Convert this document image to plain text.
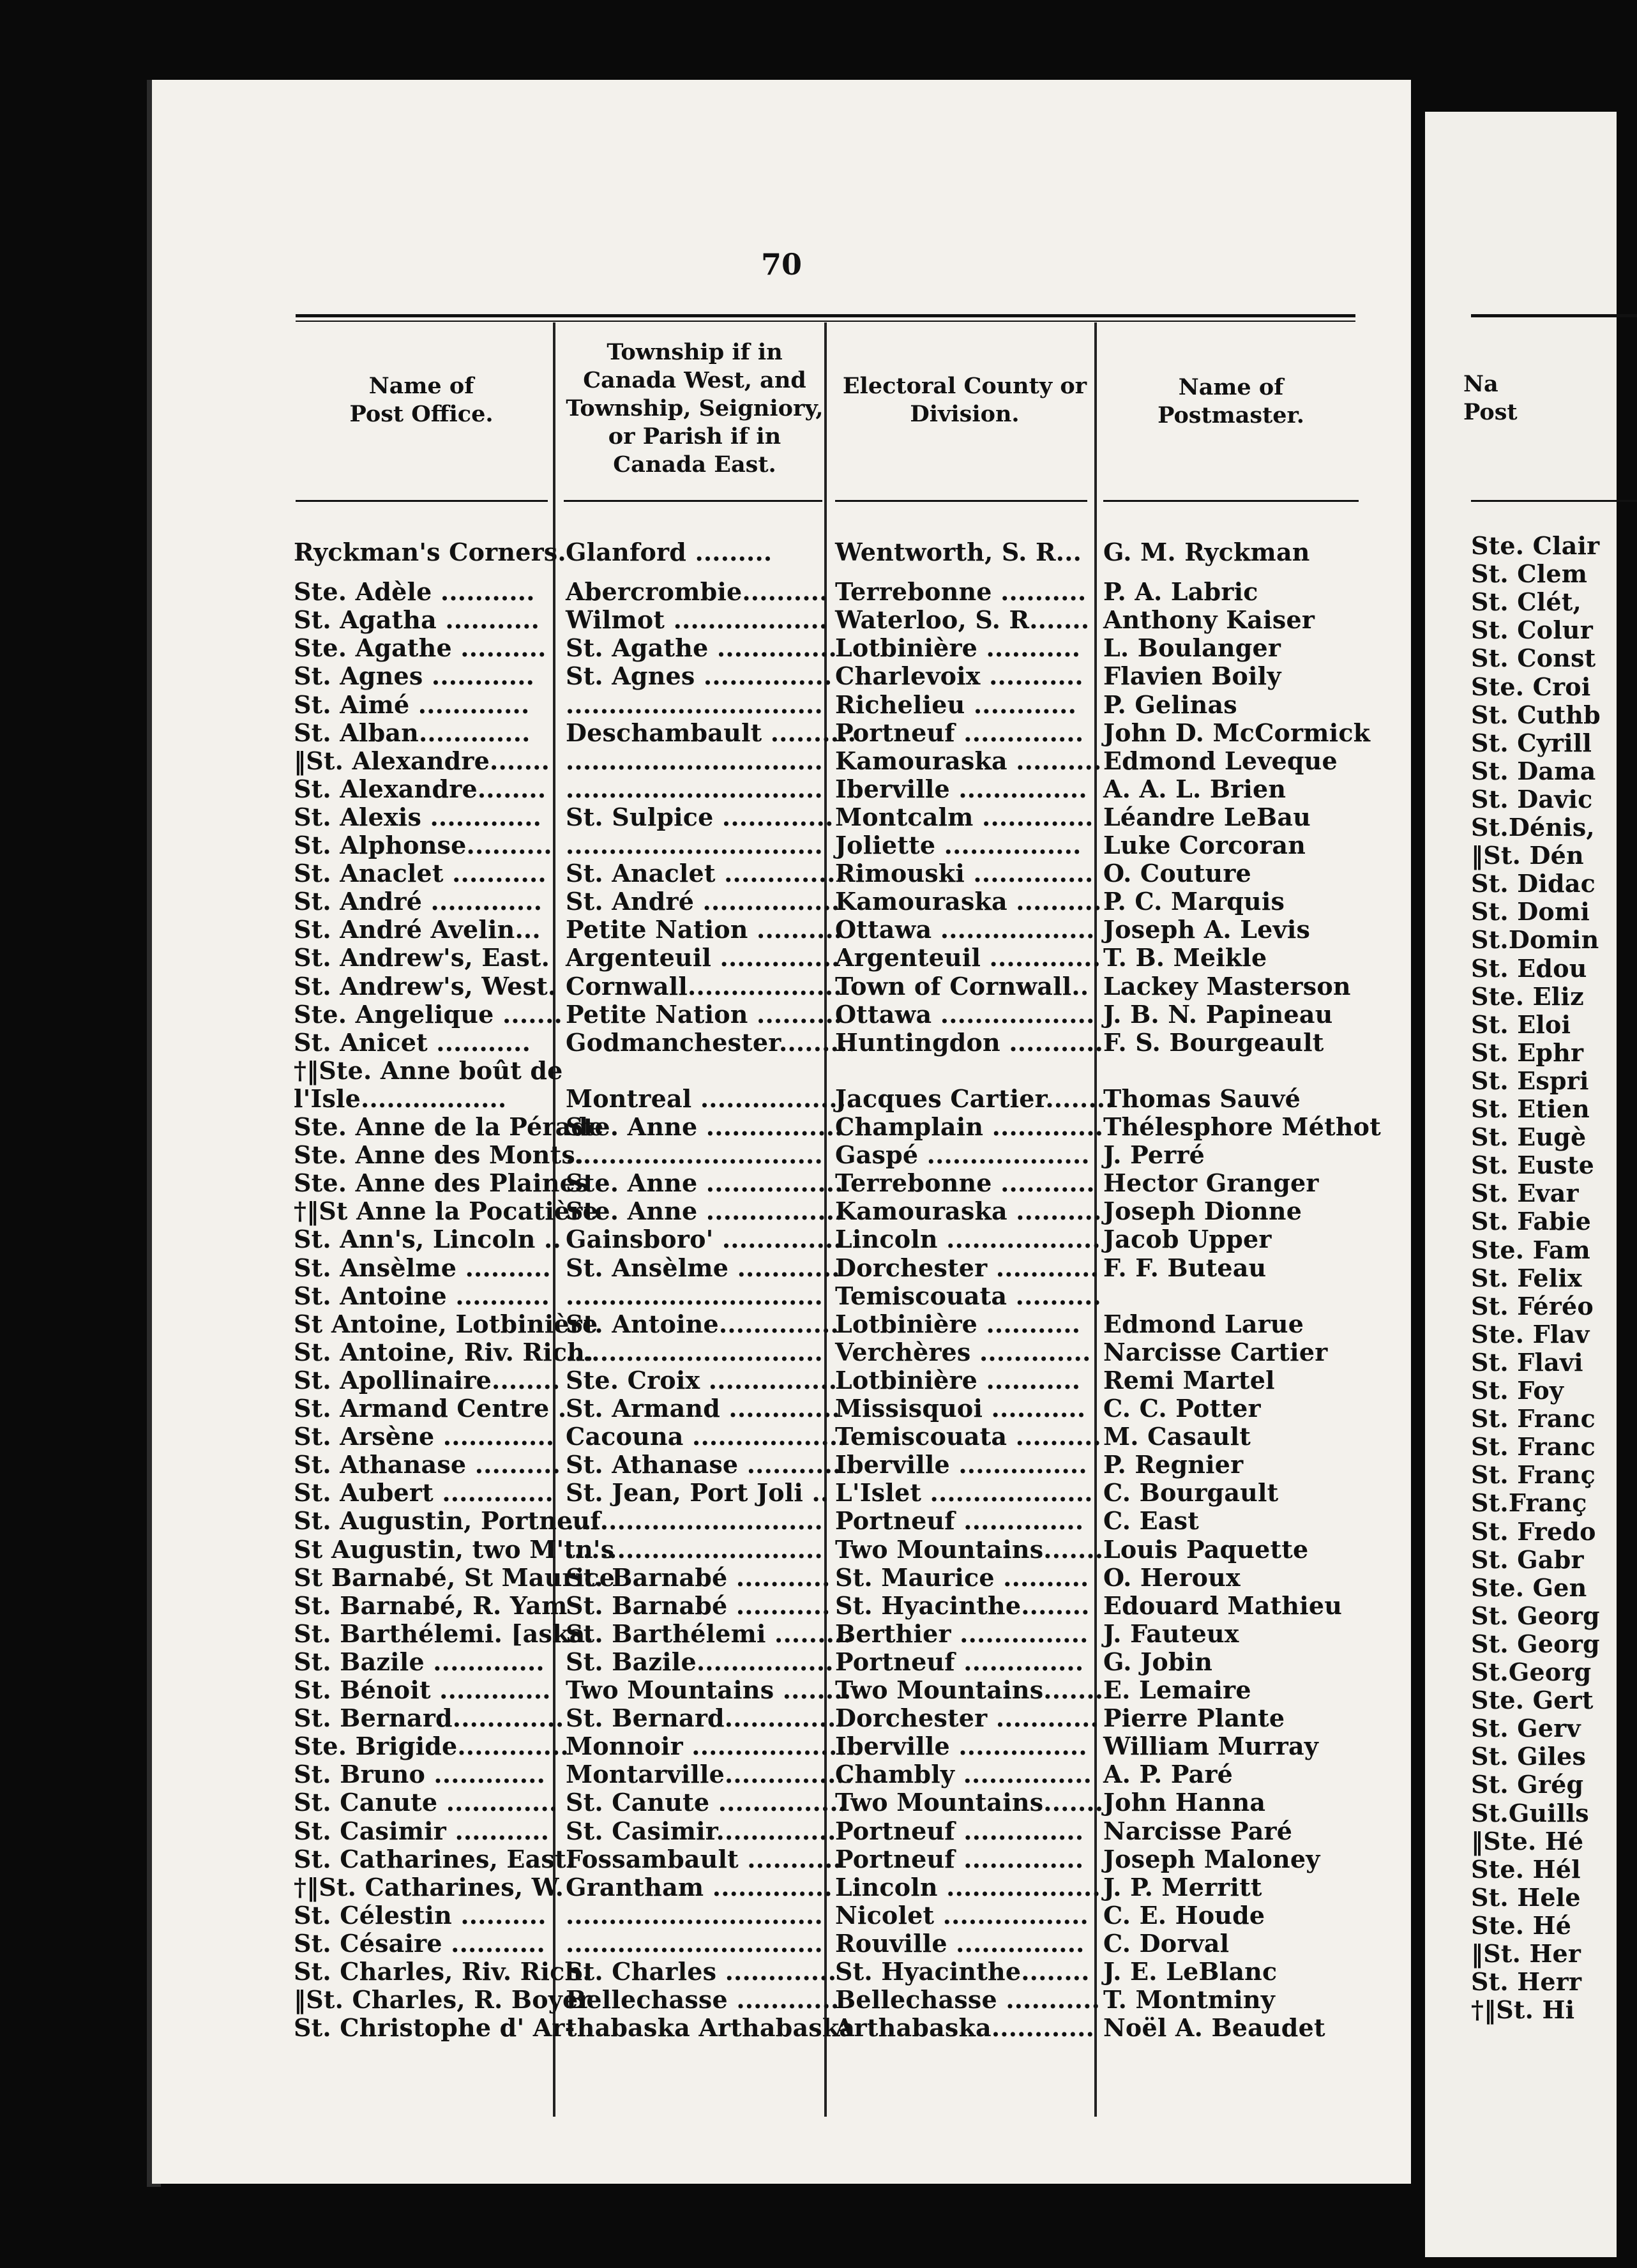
70
Name of
Post Office.
Township if in
Canada West, and
Township, Seigniory,
or Parish if in
Canada East.
Electoral County or
Division.
Name of
Postmaster.
Ryckman's Corners. Glanford .........	Wentworth, S. R... G. M. Ryckman
Ste. Adèle ........... Abercrombie.......... Terrebonne .......... P. A. Labric
St. Agatha ........... Wilmot .................. Waterloo, S. R....... Anthony Kaiser
Ste. Agathe .......... St. Agathe ..............
Lotbinière ........... L. Boulanger
St. Agnes ............ St. Agnes ............... Charlevoix ........... Flavien Boily
St. Aimé ............. .............................. Richelieu ............ P. Gelinas
St. Alban............. Deschambault ..........
Portneuf .............. John D. McCormick
‖St. Alexandre....... .............................. Kamouraska .......... Edmond Leveque
St. Alexandre........ .............................. Iberville ............... A. A. L. Brien
St. Alexis ............. St. Sulpice ............. Montcalm ............. Léandre LeBau
St. Alphonse.......... .............................. Joliette ................ Luke Corcoran
St. Anaclet ........... St. Anaclet ..............
Rimouski .............. O. Couture
St. André ............. St. André ................
Kamouraska .......... P. C. Marquis
St. André Avelin... Petite Nation ..........
Ottawa .................. Joseph A. Levis
St. Andrew's, East. Argenteuil ..............
Argenteuil ............. T. B. Meikle
St. Andrew's, West. Cornwall..................
Town of Cornwall.. Lackey Masterson
Ste. Angelique ....... Petite Nation ..........
Ottawa .................. J. B. N. Papineau
St. Anicet ........... Godmanchester.........
Huntingdon ........... F. S. Bourgeault
†‖Ste. Anne boût de
l'Isle................. Montreal ..................
Jacques Cartier........
Thomas Sauvé
Ste. Anne de la Pérade
Ste. Anne ................
Champlain ............. Thélesphore Méthot
Ste. Anne des Monts.
.............................. Gaspé ................... J. Perré
Ste. Anne des Plaines
Ste. Anne ................
Terrebonne ........... Hector Granger
†‖St Anne la Pocatière
Ste. Anne ................
Kamouraska .......... Joseph Dionne
St. Ann's, Lincoln .. Gainsboro' ..............
Lincoln .................. Jacob Upper
St. Ansèlme .......... St. Ansèlme ............
Dorchester ............ F. F. Buteau
St. Antoine ........... .............................. Temiscouata ..........
St Antoine, Lotbinière
St. Antoine..............
Lotbinière ........... Edmond Larue
St. Antoine, Riv. Rich.
.............................. Verchères ............. Narcisse Cartier
St. Apollinaire........ Ste. Croix ...............
Lotbinière ........... Remi Martel
St. Armand Centre .
St. Armand .............
Missisquoi ........... C. C. Potter
St. Arsène ............. Cacouna ..................
Temiscouata .......... M. Casault
St. Athanase .......... St. Athanase ...........
Iberville ............... P. Regnier
St. Aubert ............. St. Jean, Port Joli .. L'Islet ................... C. Bourgault
St. Augustin, Portneuf
.............................. Portneuf .............. C. East
St Augustin, two M'tn's
.............................. Two Mountains....... Louis Paquette
St Barnabé, St Maurice
St. Barnabé ........... St. Maurice .......... O. Heroux
St. Barnabé, R. Yam
St. Barnabé ........... St. Hyacinthe........ Edouard Mathieu
St. Barthélemi. [aska.
St. Barthélemi .........
Berthier ............... J. Fauteux
St. Bazile ............. St. Bazile................ Portneuf .............. G. Jobin
St. Bénoit ............. Two Mountains ........
Two Mountains....... E. Lemaire
St. Bernard............. St. Bernard..............
Dorchester ............ Pierre Plante
Ste. Brigide.............
Monnoir ..................
Iberville ............... William Murray
St. Bruno ............. Montarville...............
Chambly ............... A. P. Paré
St. Canute ............. St. Canute ...............
Two Mountains....... John Hanna
St. Casimir ........... St. Casimir..............
Portneuf .............. Narcisse Paré
St. Catharines, East.
Fossambault ...........
Portneuf .............. Joseph Maloney
†‖St. Catharines, W. Grantham .............. Lincoln .................. J. P. Merritt
St. Célestin .......... .............................. Nicolet ................. C. E. Houde
St. Césaire ........... .............................. Rouville ............... C. Dorval
St. Charles, Riv. Rich.
St. Charles .............
St. Hyacinthe........ J. E. LeBlanc
‖St. Charles, R. Boyer
Bellechasse ............
Bellechasse ........... T. Montminy
St. Christophe d' Ar-
thabaska Arthabaska
Arthabaska............ Noël A. Beaudet
Na
Post
Ste. Clair
St. Clem
St. Clét,
St. Colur
St. Const
Ste. Croi
St. Cuthb
St. Cyrill
St. Dama
St. Davic
St.Dénis,
‖St. Dén
St. Didac
St. Domi
St.Domin
St. Edou
Ste. Eliz
St. Eloi
St. Ephr
St. Espri
St. Etien
St. Eugè
St. Euste
St. Evar
St. Fabie
Ste. Fam
St. Felix
St. Féréo
Ste. Flav
St. Flavi
St. Foy
St. Franc
St. Franc
St. Franç
St.Franç
St. Fredo
St. Gabr
Ste. Gen
St. Georg
St. Georg
St.Georg
Ste. Gert
St. Gerv
St. Giles
St. Grég
St.Guills
‖Ste. Hé
Ste. Hél
St. Hele
Ste. Hé
‖St. Her
St. Herr
†‖St. Hi
